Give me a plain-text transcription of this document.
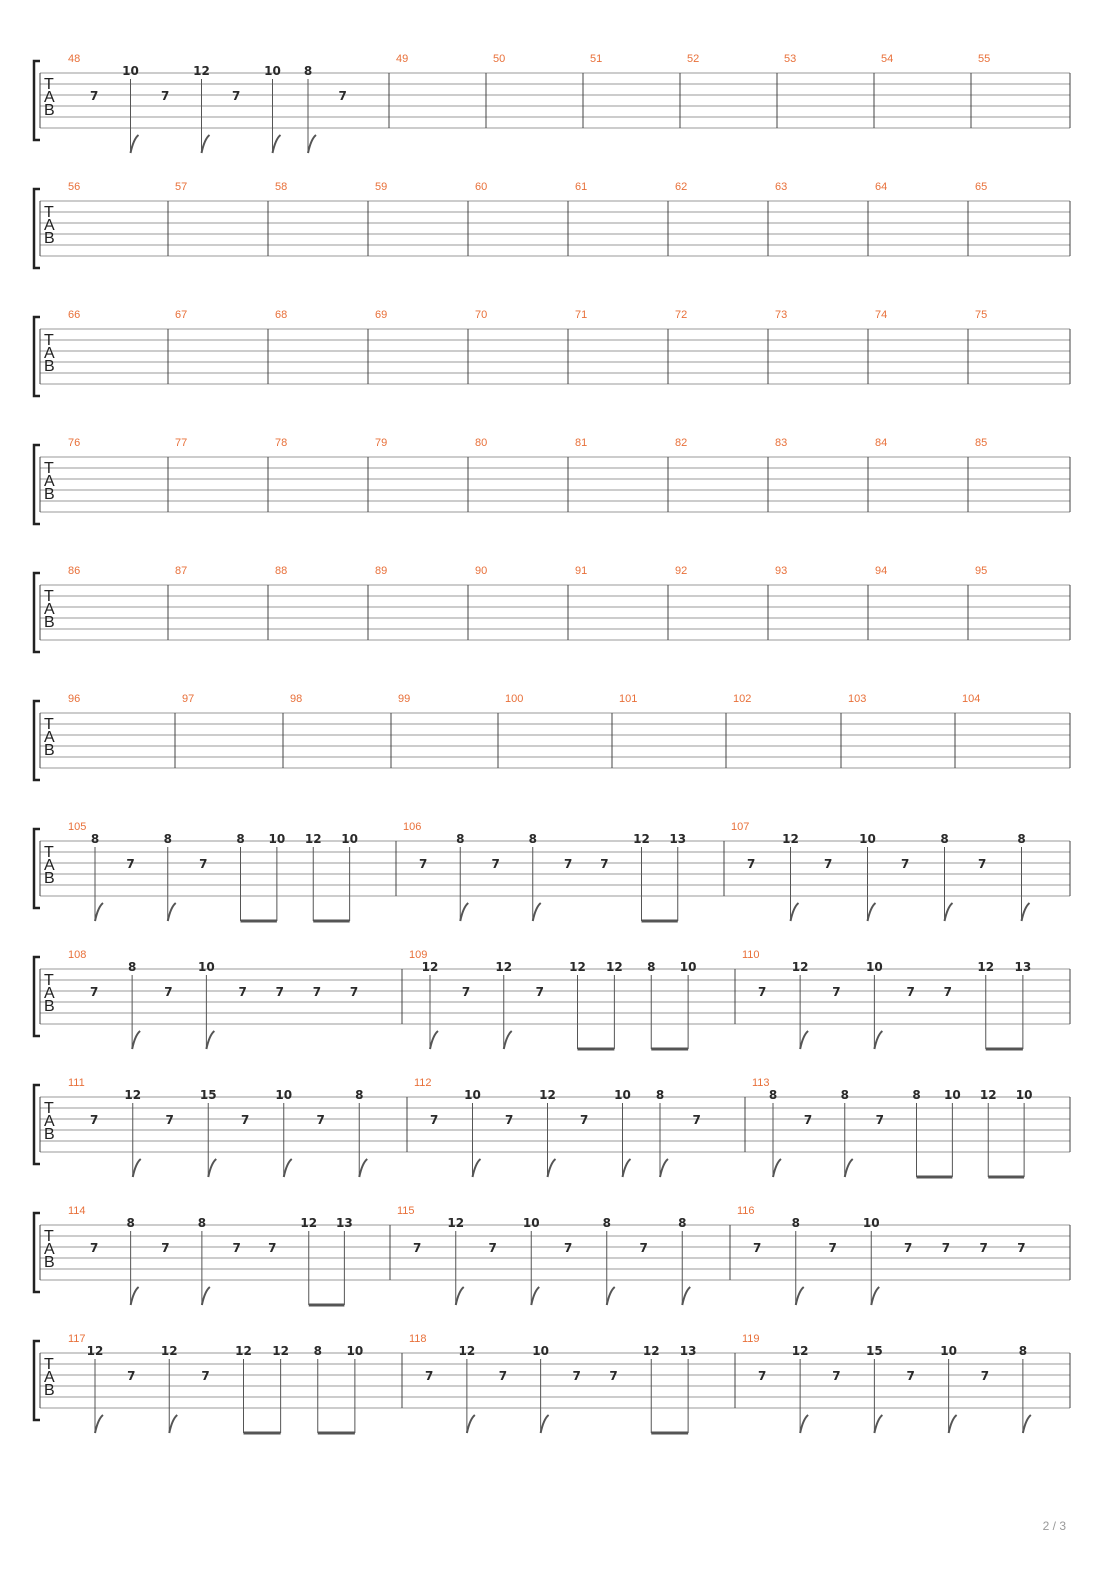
T
A
B
48
7
10
7
12
7
10 8
7
49	50	51	52	53	54	55
T
A
B
56	57	58	59	60	61	62	63	64	65
T
A
B
66	67	68	69	70	71	72	73	74	75
T
A
B
76	77	78	79	80	81	82	83	84	85
T
A
B
86	87	88	89	90	91	92	93	94	95
T
A
B
96	97	98	99	100	101	102	103	104
T
A
B
105
8
7
8
7
8 10 12 10
106
7
8
7
8
7 7
12 13
107
7
12
7
10
7
8
7
8
T
A
B
108
7
8
7
10
7 7 7 7
109
12
7
12
7
12 12 8 10
110
7
12
7
10
7 7
12 13
T
A
B
111
7
12
7
15
7
10
7
8
112
7
10
7
12
7
10 8
7
113
8
7
8
7
8 10 12 10
T
A
B
114
7
8
7
8
7 7
12 13
115
7
12
7
10
7
8
7
8
116
7
8
7
10
7 7 7 7
T
A
B
117
12
7
12
7
12 12 8 10
118
7
12
7
10
7 7
12 13
119
7
12
7
15
7
10
7
8
2 / 3
